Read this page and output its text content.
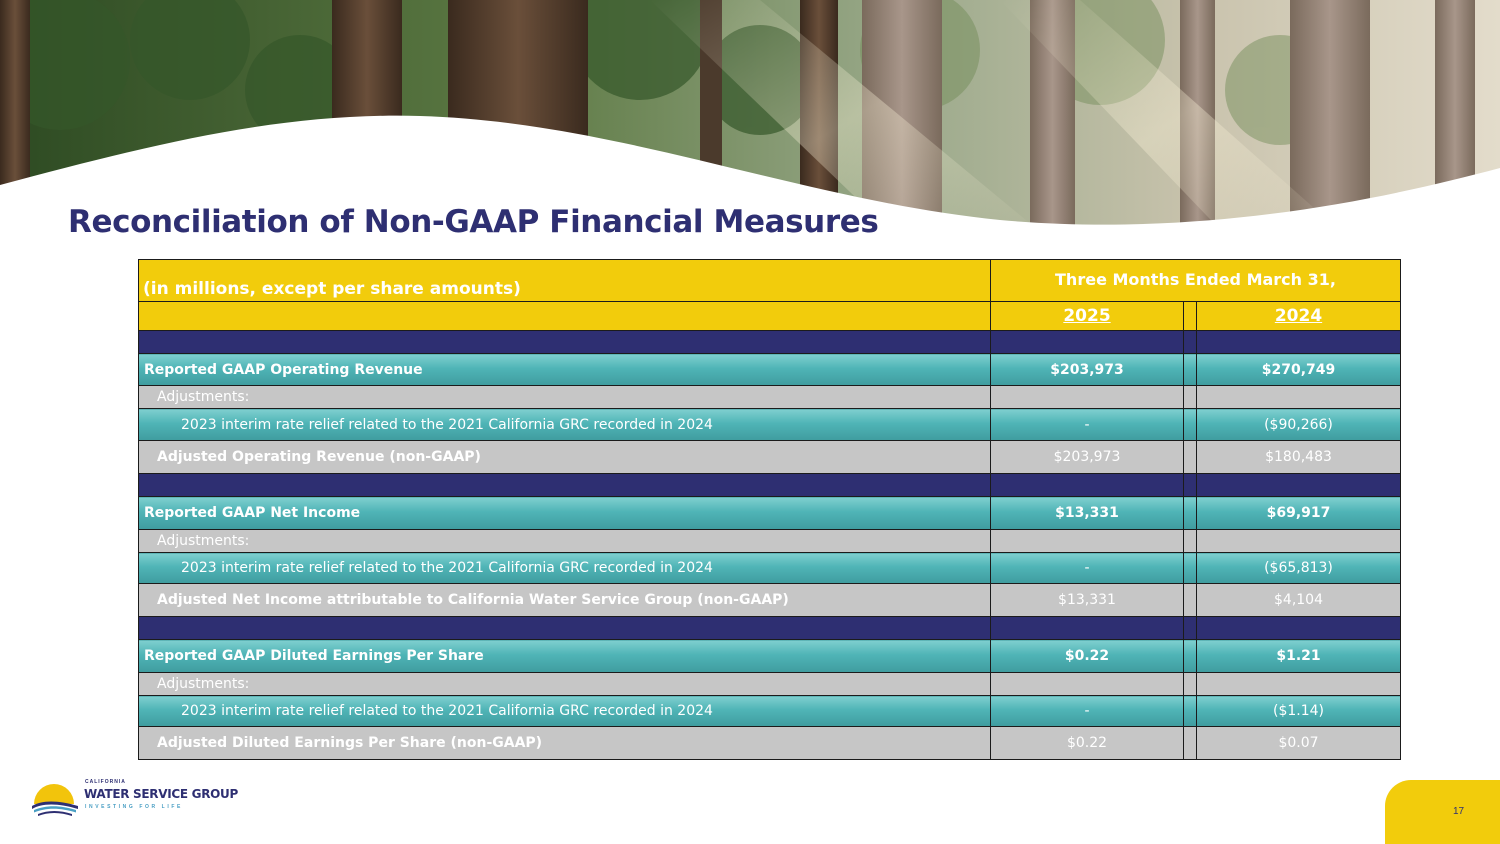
Reconciliation of Non-GAAP Financial Measures
(in millions, except per share amounts)	Three Months Ended March 31,		
	2025		2024

Reported GAAP Operating Revenue	$203,973		$270,749
Adjustments:			
2023 interim rate relief related to the 2021 California GRC recorded in 2024	-		($90,266)
Adjusted Operating Revenue (non-GAAP)	$203,973		$180,483

Reported GAAP Net Income	$13,331		$69,917
Adjustments:			
2023 interim rate relief related to the 2021 California GRC recorded in 2024	-		($65,813)
Adjusted Net Income attributable to California Water Service Group (non-GAAP)	$13,331		$4,104

Reported GAAP Diluted Earnings Per Share	$0.22		$1.21
Adjustments:			
2023 interim rate relief related to the 2021 California GRC recorded in 2024	-		($1.14)
Adjusted Diluted Earnings Per Share (non-GAAP)	$0.22		$0.07
CALIFORNIA
WATER SERVICE GROUP
INVESTING FOR LIFE	17
